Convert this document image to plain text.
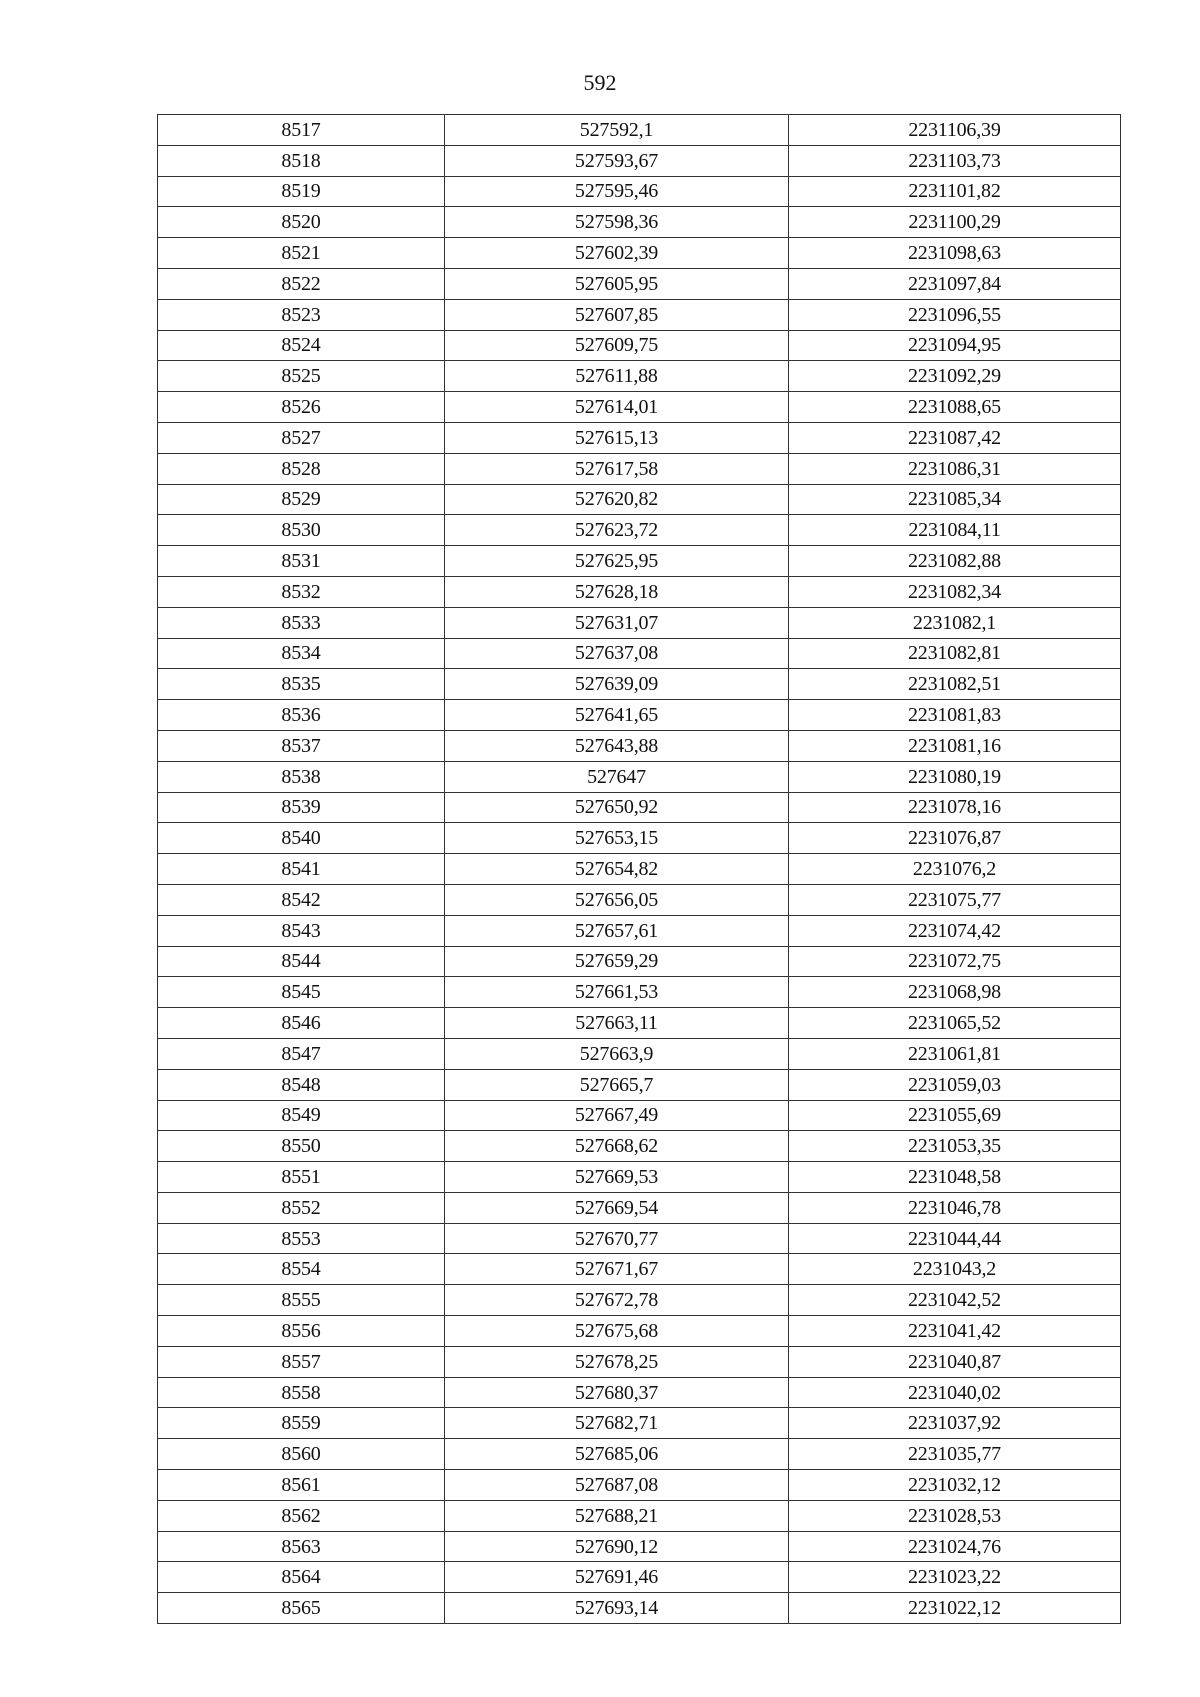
592
8517	527592,1	2231106,39
8518	527593,67	2231103,73
8519	527595,46	2231101,82
8520	527598,36	2231100,29
8521	527602,39	2231098,63
8522	527605,95	2231097,84
8523	527607,85	2231096,55
8524	527609,75	2231094,95
8525	527611,88	2231092,29
8526	527614,01	2231088,65
8527	527615,13	2231087,42
8528	527617,58	2231086,31
8529	527620,82	2231085,34
8530	527623,72	2231084,11
8531	527625,95	2231082,88
8532	527628,18	2231082,34
8533	527631,07	2231082,1
8534	527637,08	2231082,81
8535	527639,09	2231082,51
8536	527641,65	2231081,83
8537	527643,88	2231081,16
8538	527647	2231080,19
8539	527650,92	2231078,16
8540	527653,15	2231076,87
8541	527654,82	2231076,2
8542	527656,05	2231075,77
8543	527657,61	2231074,42
8544	527659,29	2231072,75
8545	527661,53	2231068,98
8546	527663,11	2231065,52
8547	527663,9	2231061,81
8548	527665,7	2231059,03
8549	527667,49	2231055,69
8550	527668,62	2231053,35
8551	527669,53	2231048,58
8552	527669,54	2231046,78
8553	527670,77	2231044,44
8554	527671,67	2231043,2
8555	527672,78	2231042,52
8556	527675,68	2231041,42
8557	527678,25	2231040,87
8558	527680,37	2231040,02
8559	527682,71	2231037,92
8560	527685,06	2231035,77
8561	527687,08	2231032,12
8562	527688,21	2231028,53
8563	527690,12	2231024,76
8564	527691,46	2231023,22
8565	527693,14	2231022,12
